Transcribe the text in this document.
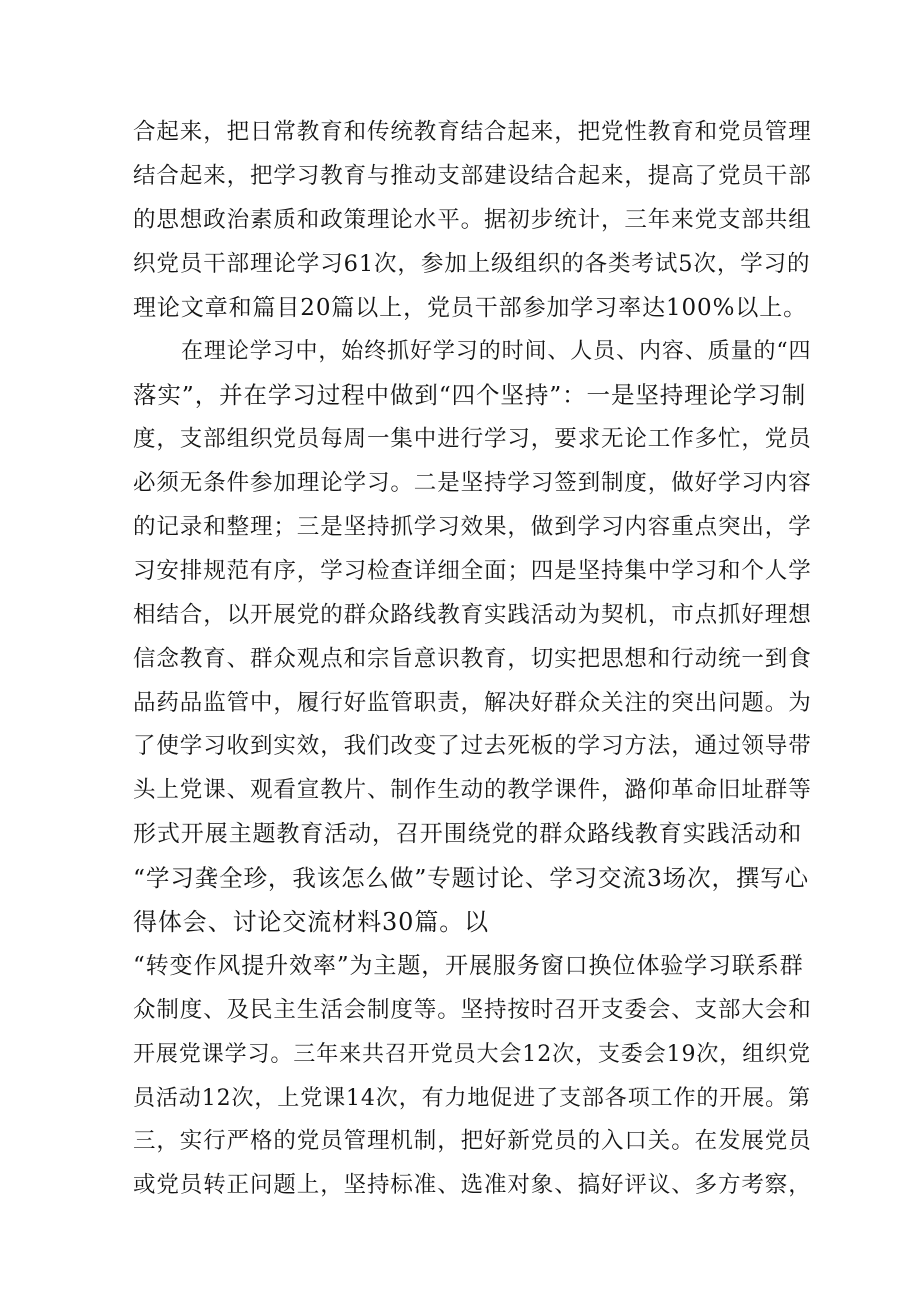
合起来，把日常教育和传统教育结合起来，把党性教育和党员管理
结合起来，把学习教育与推动支部建设结合起来，提高了党员干部
的思想政治素质和政策理论水平。据初步统计，三年来党支部共组
织党员干部理论学习61次，参加上级组织的各类考试5次，学习的
理论文章和篇目20篇以上，党员干部参加学习率达100%以上。
在理论学习中，始终抓好学习的时间、人员、内容、质量的“四
落实”，并在学习过程中做到“四个坚持”：一是坚持理论学习制
度，支部组织党员每周一集中进行学习，要求无论工作多忙，党员
必须无条件参加理论学习。二是坚持学习签到制度，做好学习内容
的记录和整理；三是坚持抓学习效果，做到学习内容重点突出，学
习安排规范有序，学习检查详细全面；四是坚持集中学习和个人学
相结合，以开展党的群众路线教育实践活动为契机，市点抓好理想
信念教育、群众观点和宗旨意识教育，切实把思想和行动统一到食
品药品监管中，履行好监管职责，解决好群众关注的突出问题。为
了使学习收到实效，我们改变了过去死板的学习方法，通过领导带
头上党课、观看宣教片、制作生动的教学课件，潞仰革命旧址群等
形式开展主题教育活动，召开围绕党的群众路线教育实践活动和
“学习龚全珍，我该怎么做”专题讨论、学习交流3场次，撰写心
得体会、讨论交流材料30篇。以
“转变作风提升效率”为主题，开展服务窗口换位体验学习联系群
众制度、及民主生活会制度等。坚持按时召开支委会、支部大会和
开展党课学习。三年来共召开党员大会12次，支委会19次，组织党
员活动12次，上党课14次，有力地促进了支部各项工作的开展。第
三，实行严格的党员管理机制，把好新党员的入口关。在发展党员
或党员转正问题上，坚持标准、选准对象、搞好评议、多方考察，
